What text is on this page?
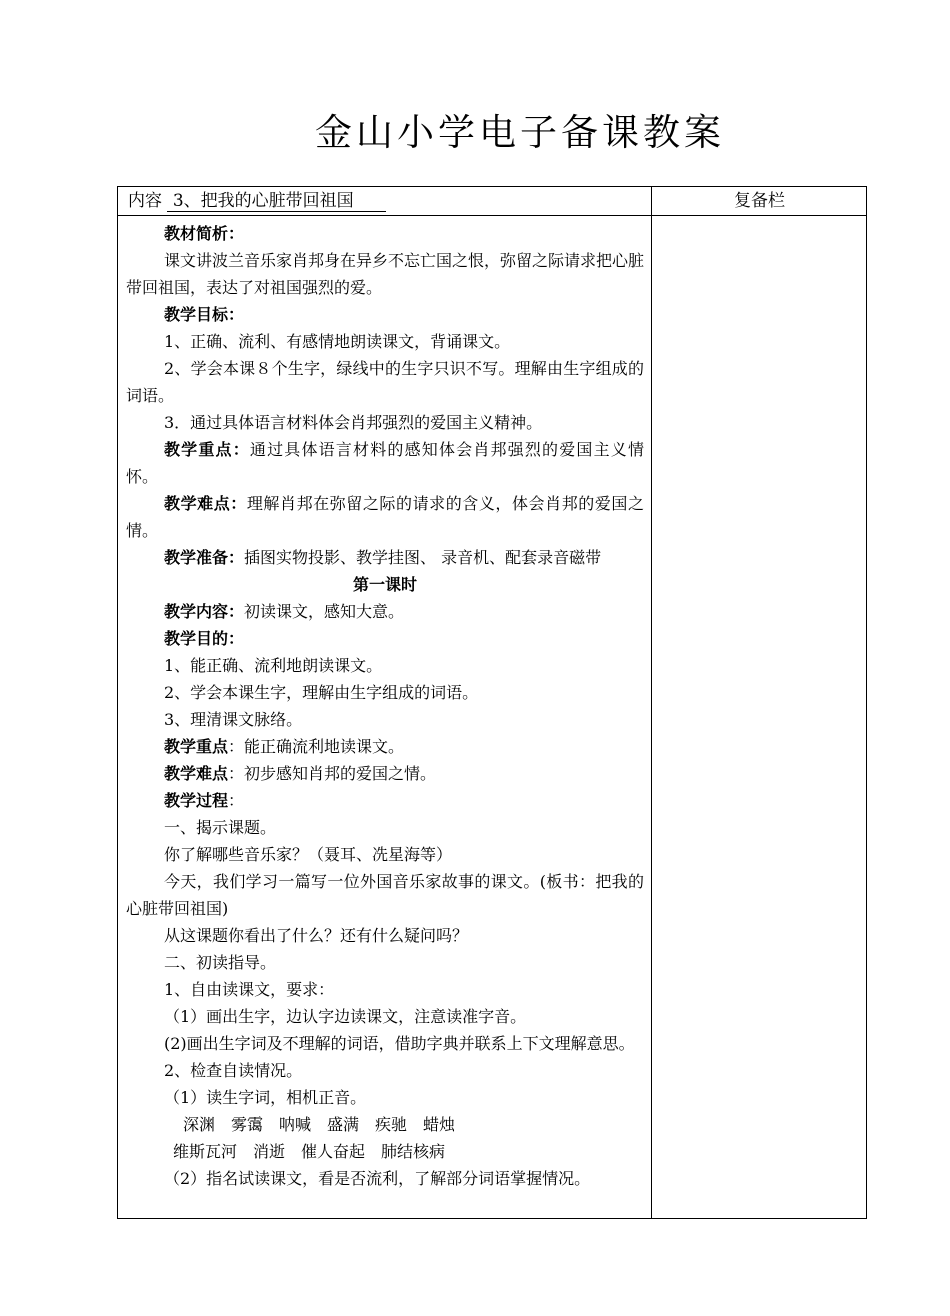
金山小学电子备课教案
内容 3、把我的心脏带回祖国	复备栏

教材简析：

课文讲波兰音乐家肖邦身在异乡不忘亡国之恨，弥留之际请求把心脏带回祖国，表达了对祖国强烈的爱。

教学目标：

1、正确、流利、有感情地朗读课文，背诵课文。

2、学会本课８个生字，绿线中的生字只识不写。理解由生字组成的词语。

3．通过具体语言材料体会肖邦强烈的爱国主义精神。

教学重点：通过具体语言材料的感知体会肖邦强烈的爱国主义情怀。

教学难点：理解肖邦在弥留之际的请求的含义，体会肖邦的爱国之情。

教学准备：插图实物投影、教学挂图、 录音机、配套录音磁带

第一课时

教学内容：初读课文，感知大意。

教学目的：

1、能正确、流利地朗读课文。

2、学会本课生字，理解由生字组成的词语。

3、理清课文脉络。

教学重点：能正确流利地读课文。

教学难点：初步感知肖邦的爱国之情。

教学过程：

一、揭示课题。

你了解哪些音乐家？（聂耳、冼星海等）

今天，我们学习一篇写一位外国音乐家故事的课文。(板书：把我的心脏带回祖国)

从这课题你看出了什么？还有什么疑问吗？

二、初读指导。

1、自由读课文，要求：

（1）画出生字，边认字边读课文，注意读准字音。

(2)画出生字词及不理解的词语，借助字典并联系上下文理解意思。

2、检查自读情况。

（1）读生字词，相机正音。

深渊　雾霭　呐喊　盛满　疾驰　蜡烛

维斯瓦河　消逝　催人奋起　肺结核病

（2）指名试读课文，看是否流利，了解部分词语掌握情况。
